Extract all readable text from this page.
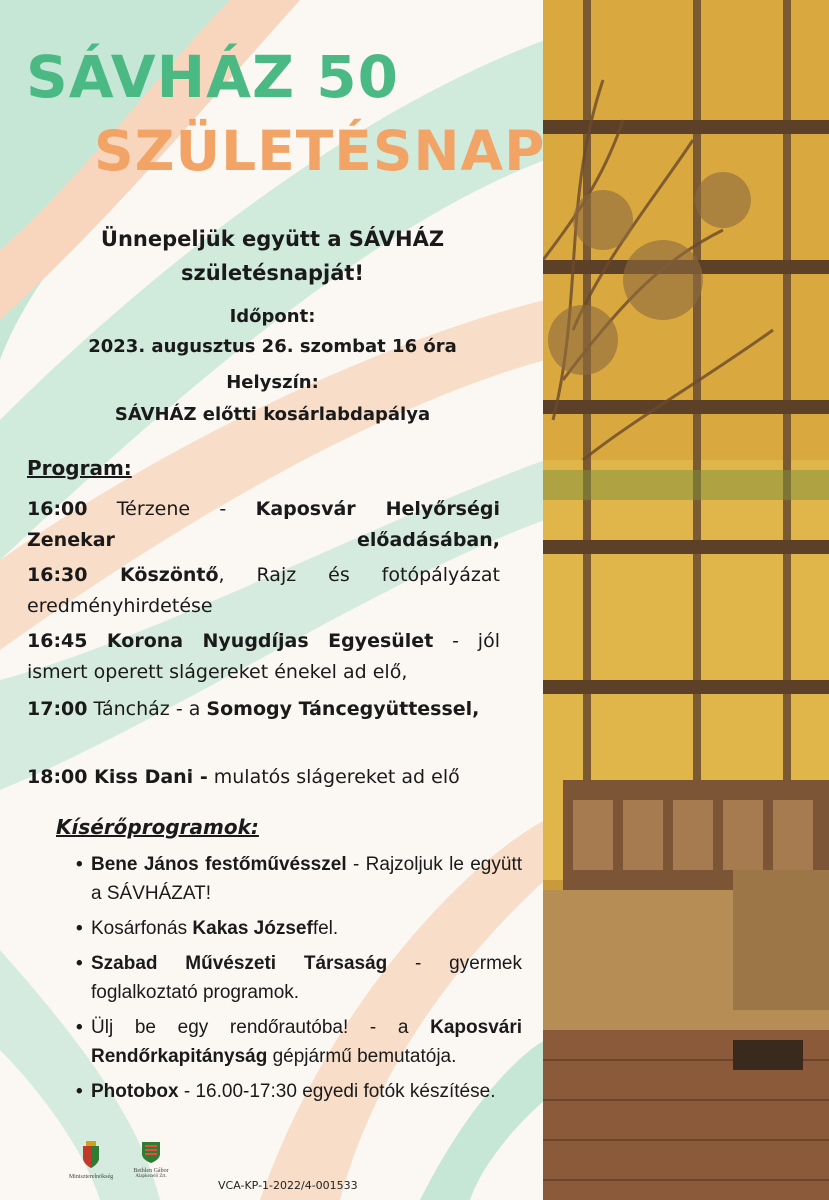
SÁVHÁZ 50
SZÜLETÉSNAP
Ünnepeljük együtt a SÁVHÁZ
születésnapját!
Időpont:
2023. augusztus 26. szombat 16 óra
Helyszín:
SÁVHÁZ előtti kosárlabdapálya
Program:
16:00 Térzene - Kaposvár Helyőrségi Zenekar előadásában,
16:30 Köszöntő, Rajz és fotópályázat eredményhirdetése
16:45 Korona Nyugdíjas Egyesület - jól ismert operett slágereket énekel ad elő,
17:00 Táncház - a Somogy Táncegyüttessel,
18:00 Kiss Dani - mulatós slágereket ad elő
Kísérőprogramok:
• Bene János festőművésszel - Rajzoljuk le együtt a SÁVHÁZAT!
• Kosárfonás Kakas Józseffel.
• Szabad Művészeti Társaság - gyermek foglalkoztató programok.
• Ülj be egy rendőrautóba! - a Kaposvári Rendőrkapitányság gépjármű bemutatója.
• Photobox - 16.00-17:30 egyedi fotók készítése.
Miniszterelnökség
Bethlen Gábor
Alapkezelő Zrt.
VCA-KP-1-2022/4-001533
